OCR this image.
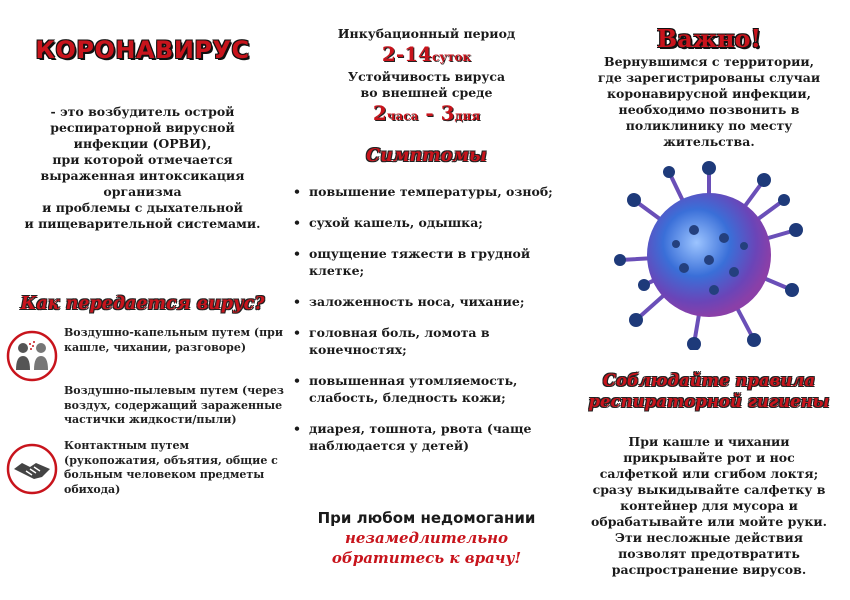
КОРОНАВИРУС
- это возбудитель острой
респираторной вирусной
инфекции (ОРВИ),
при которой отмечается
выраженная интоксикация
организма
и проблемы с дыхательной
и пищеварительной системами.
Как передается вирус?
Воздушно-капельным путем (при кашле, чихании, разговоре)
Воздушно-пылевым путем (через воздух, содержащий зараженные частички жидкости/пыли)
Контактным путем (рукопожатия, объятия, общие с больным человеком предметы обихода)
Инкубационный период
2-14суток
Устойчивость вируса
во внешней среде
2часа - 3дня
Симптомы
• повышение температуры, озноб;
• сухой кашель, одышка;
• ощущение тяжести в грудной клетке;
• заложенность носа, чихание;
• головная боль, ломота в конечностях;
• повышенная утомляемость, слабость, бледность кожи;
• диарея, тошнота, рвота (чаще наблюдается у детей)
При любом недомогании
незамедлительно
обратитесь к врачу!
Важно!
Вернувшимся с территории,
где зарегистрированы случаи
коронавирусной инфекции,
необходимо позвонить в
поликлинику по месту
жительства.
Соблюдайте правила
респираторной гигиены
При кашле и чихании
прикрывайте рот и нос
салфеткой или сгибом локтя;
сразу выкидывайте салфетку в
контейнер для мусора и
обрабатывайте или мойте руки.
Эти несложные действия
позволят предотвратить
распространение вирусов.
